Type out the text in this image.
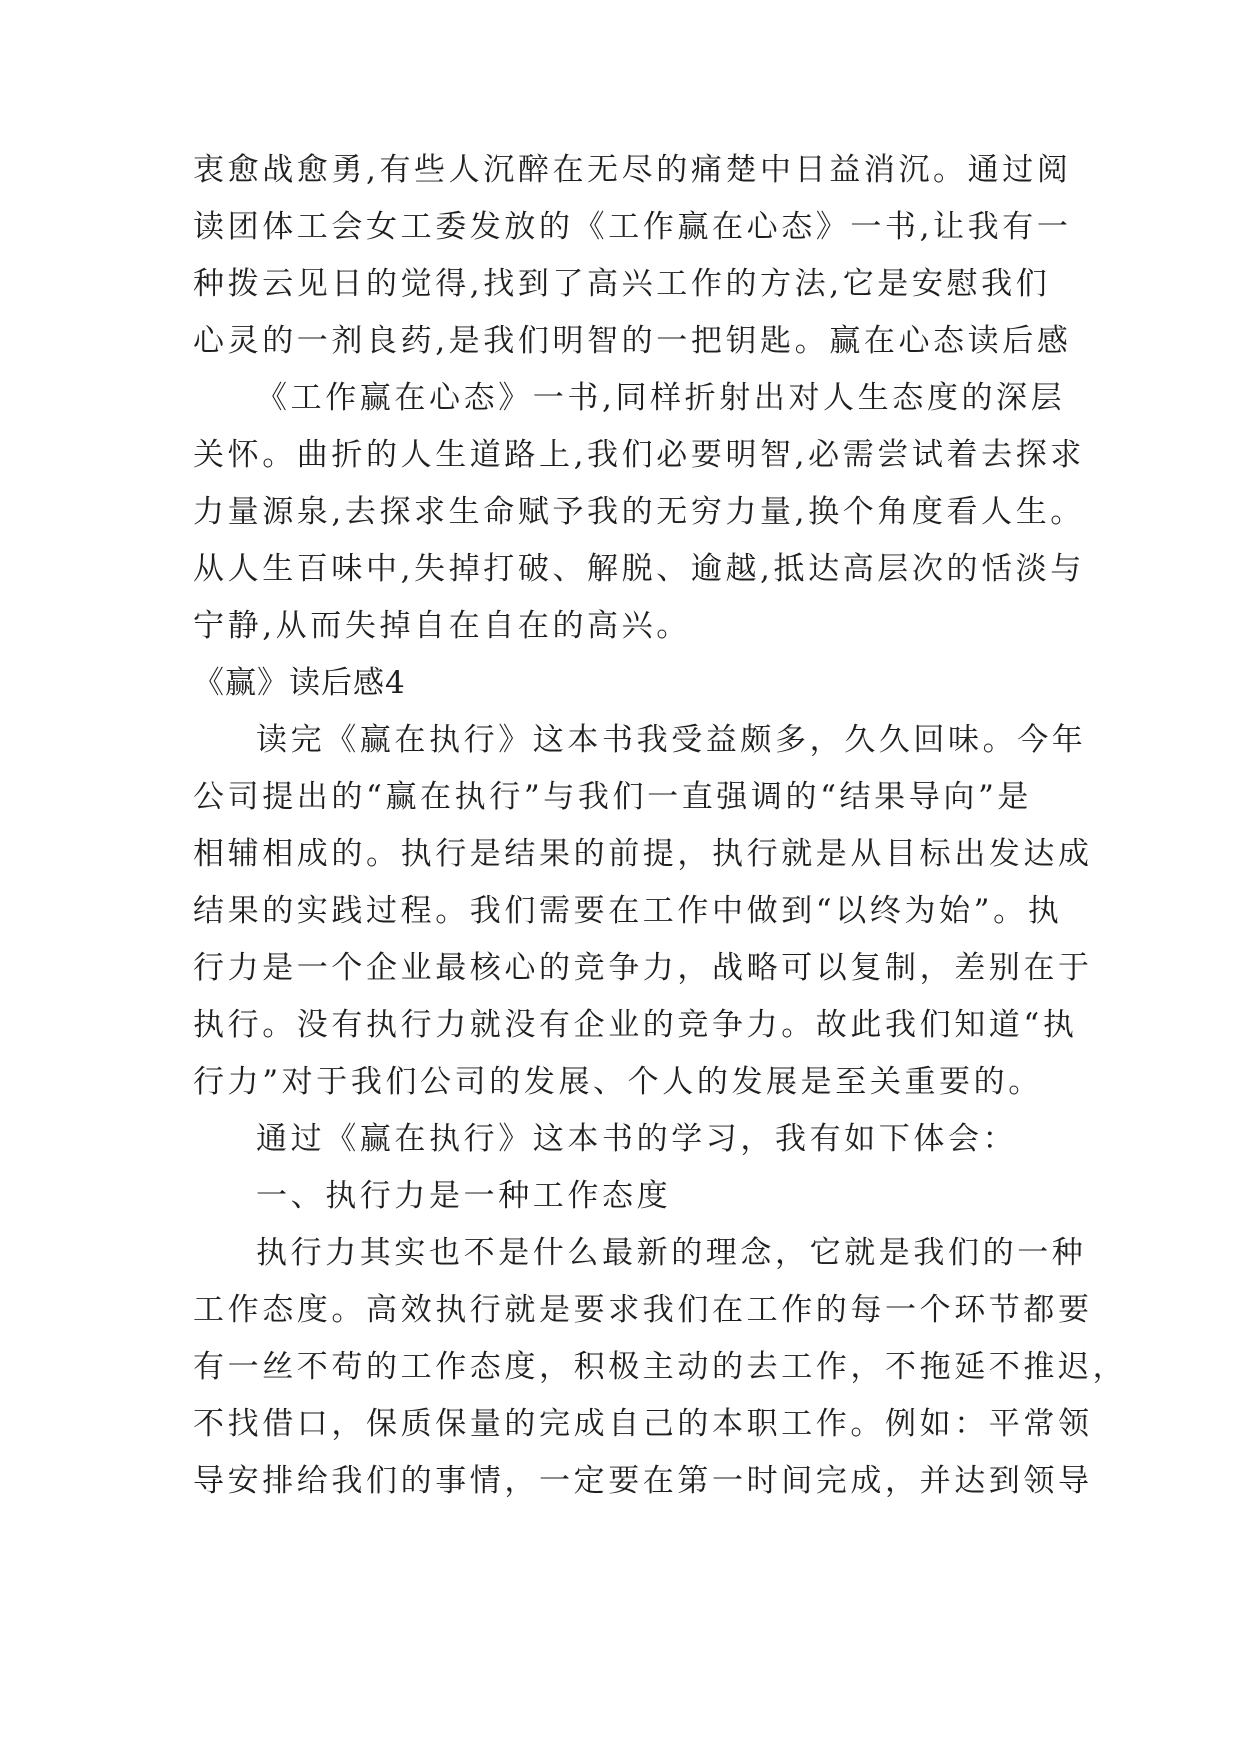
衷愈战愈勇,有些人沉醉在无尽的痛楚中日益消沉。通过阅
读团体工会女工委发放的《工作赢在心态》一书,让我有一
种拨云见日的觉得,找到了高兴工作的方法,它是安慰我们
心灵的一剂良药,是我们明智的一把钥匙。赢在心态读后感
《工作赢在心态》一书,同样折射出对人生态度的深层
关怀。曲折的人生道路上,我们必要明智,必需尝试着去探求
力量源泉,去探求生命赋予我的无穷力量,换个角度看人生。
从人生百味中,失掉打破、解脱、逾越,抵达高层次的恬淡与
宁静,从而失掉自在自在的高兴。
《赢》读后感4
读完《赢在执行》这本书我受益颇多，久久回味。今年
公司提出的“赢在执行”与我们一直强调的“结果导向”是
相辅相成的。执行是结果的前提，执行就是从目标出发达成
结果的实践过程。我们需要在工作中做到“以终为始”。执
行力是一个企业最核心的竞争力，战略可以复制，差别在于
执行。没有执行力就没有企业的竞争力。故此我们知道“执
行力”对于我们公司的发展、个人的发展是至关重要的。
通过《赢在执行》这本书的学习，我有如下体会：
一、执行力是一种工作态度
执行力其实也不是什么最新的理念，它就是我们的一种
工作态度。高效执行就是要求我们在工作的每一个环节都要
有一丝不苟的工作态度，积极主动的去工作，不拖延不推迟，
不找借口，保质保量的完成自己的本职工作。例如：平常领
导安排给我们的事情，一定要在第一时间完成，并达到领导
